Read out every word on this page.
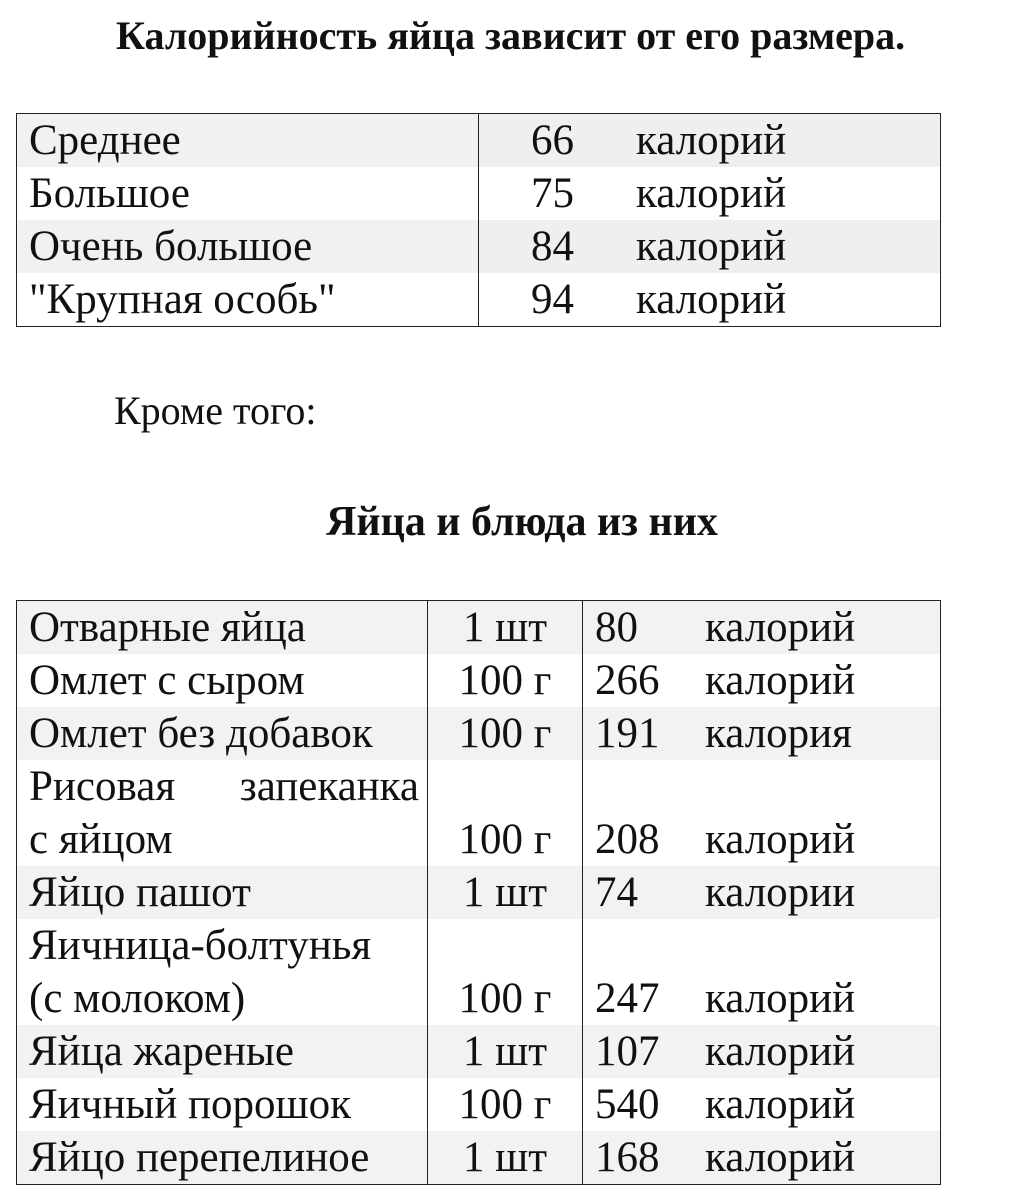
Калорийность яйца зависит от его размера.

Среднее	66 калорий
Большое	75 калорий
Очень большое	84 калорий
"Крупная особь"	94 калорий

Кроме того:

Яйца и блюда из них
Отварные яйца	1 шт	80 калорий
Омлет с сыром	100 г	266 калорий
Омлет без добавок	100 г	191 калория

Рисовая запеканка
с яйцом	100 г	208 калорий
Яйцо пашот	1 шт	74 калории

Яичница-болтунья
(с молоком)	100 г	247 калорий
Яйца жареные	1 шт	107 калорий
Яичный порошок	100 г	540 калорий
Яйцо перепелиное	1 шт	168 калорий
